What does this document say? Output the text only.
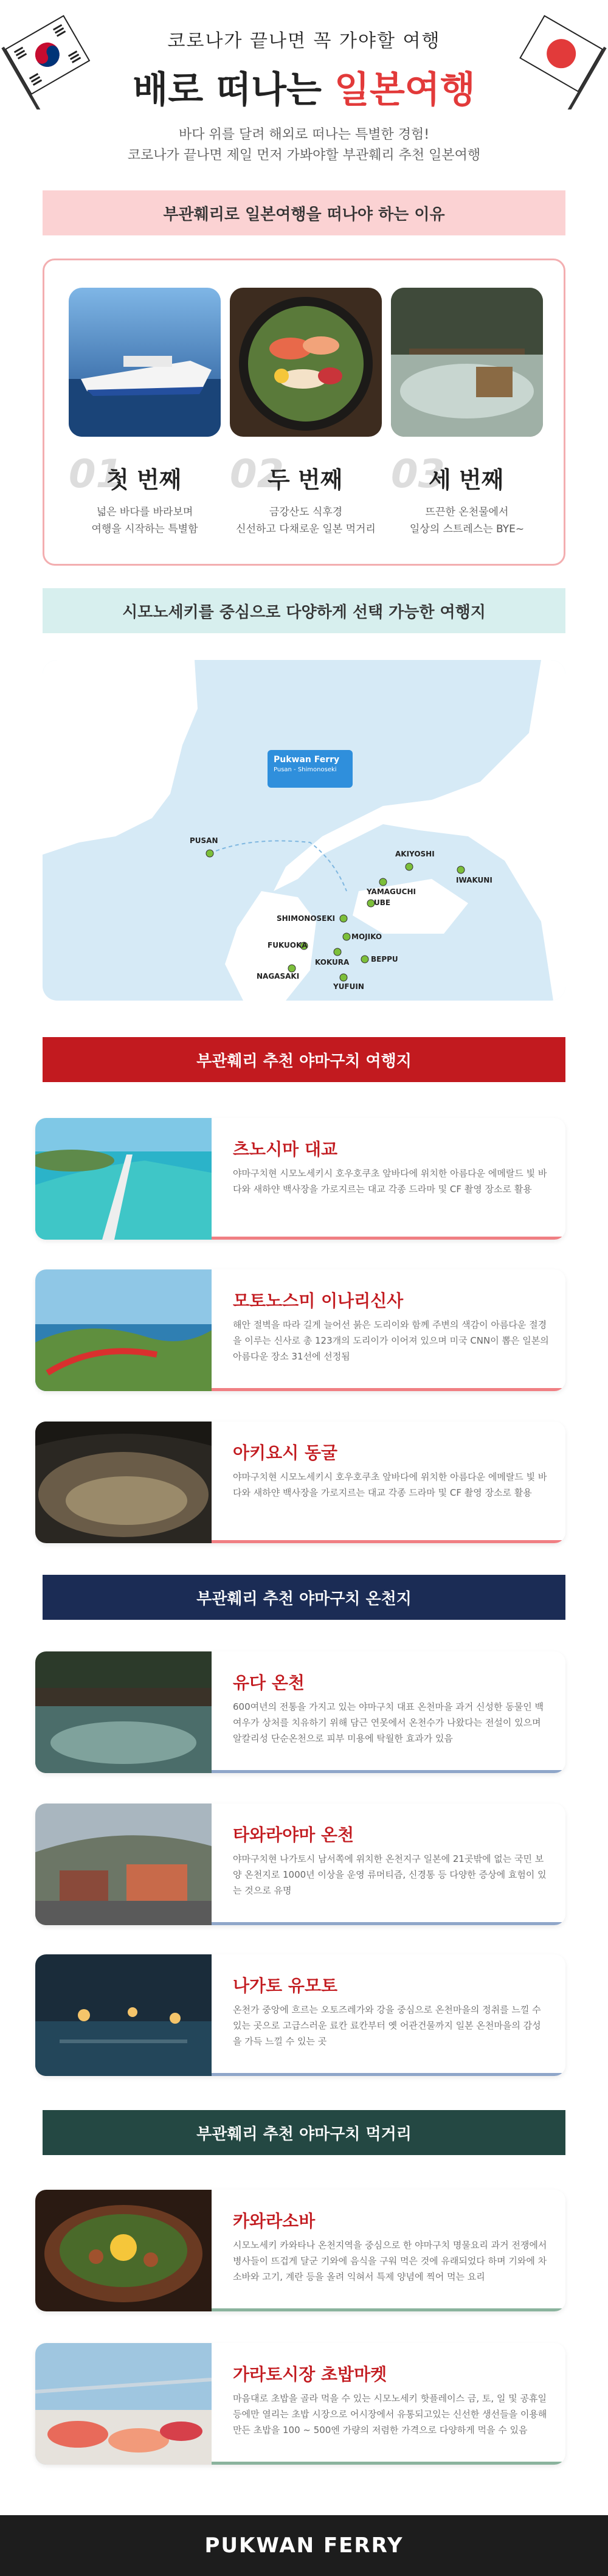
코로나가 끝나면 꼭 가야할 여행
배로 떠나는 일본여행
바다 위를 달려 해외로 떠나는 특별한 경험!
코로나가 끝나면 제일 먼저 가봐야할 부관훼리 추천 일본여행
부관훼리로 일본여행을 떠나야 하는 이유
01
첫 번째
넓은 바다를 바라보며
여행을 시작하는 특별함
02
두 번째
금강산도 식후경
신선하고 다채로운 일본 먹거리
03
세 번째
뜨끈한 온천물에서
일상의 스트레스는 BYE~
시모노세키를 중심으로 다양하게 선택 가능한 여행지
PUSAN
AKIYOSHI
IWAKUNI
YAMAGUCHI
UBE
SHIMONOSEKI
MOJIKO
FUKUOKA
KOKURA	BEPPU
NAGASAKI
YUFUIN
Pukwan Ferry
Pusan - Shimonoseki
부관훼리 추천 야마구치 여행지
츠노시마 대교
야마구치현 시모노세키시 호우호쿠초 앞바다에 위치한 아름다운 에메랄드 빛 바다와 새하얀 백사장을 가로지르는 대교 각종 드라마 및 CF 촬영 장소로 활용
모토노스미 이나리신사
해안 절벽을 따라 길게 늘어선 붉은 도리이와 함께 주변의 색감이 아름다운 절경을 이루는 신사로 총 123개의 도리이가 이어져 있으며 미국 CNN이 뽑은 일본의 아름다운 장소 31선에 선정됨
아키요시 동굴
야마구치현 시모노세키시 호우호쿠초 앞바다에 위치한 아름다운 에메랄드 빛 바다와 새하얀 백사장을 가로지르는 대교 각종 드라마 및 CF 촬영 장소로 활용
부관훼리 추천 야마구치 온천지
유다 온천
600여년의 전통을 가지고 있는 야마구치 대표 온천마을 과거 신성한 동물인 백여우가 상처를 치유하기 위해 담근 연못에서 온천수가 나왔다는 전설이 있으며 알칼리성 단순온천으로 피부 미용에 탁월한 효과가 있음
타와라야마 온천
야마구치현 나가토시 남서쪽에 위치한 온천지구 일본에 21곳밖에 없는 국민 보양 온천지로 1000년 이상을 운영 류머티즘, 신경통 등 다양한 증상에 효험이 있는 것으로 유명
나가토 유모토
온천가 중앙에 흐르는 오토즈레가와 강을 중심으로 온천마을의 정취를 느낄 수 있는 곳으로 고급스러운 료칸 료칸부터 옛 어관건물까지 일본 온천마을의 감성을 가득 느낄 수 있는 곳
부관훼리 추천 야마구치 먹거리
카와라소바
시모노세키 카와타나 온천지역을 중심으로 한 야마구치 명물요리 과거 전쟁에서 병사들이 뜨겁게 달군 기와에 음식을 구워 먹은 것에 유래되었다 하며 기와에 차소바와 고기, 계란 등을 올려 익혀서 특제 양념에 찍어 먹는 요리
가라토시장 초밥마켓
마음대로 초밥을 골라 먹을 수 있는 시모노세키 핫플레이스 금, 토, 일 및 공휴일 등에만 열리는 초밥 시장으로 어시장에서 유통되고있는 신선한 생선들을 이용해 만든 초밥을 100 ~ 500엔 가량의 저렴한 가격으로 다양하게 먹을 수 있음
PUKWAN FERRY
